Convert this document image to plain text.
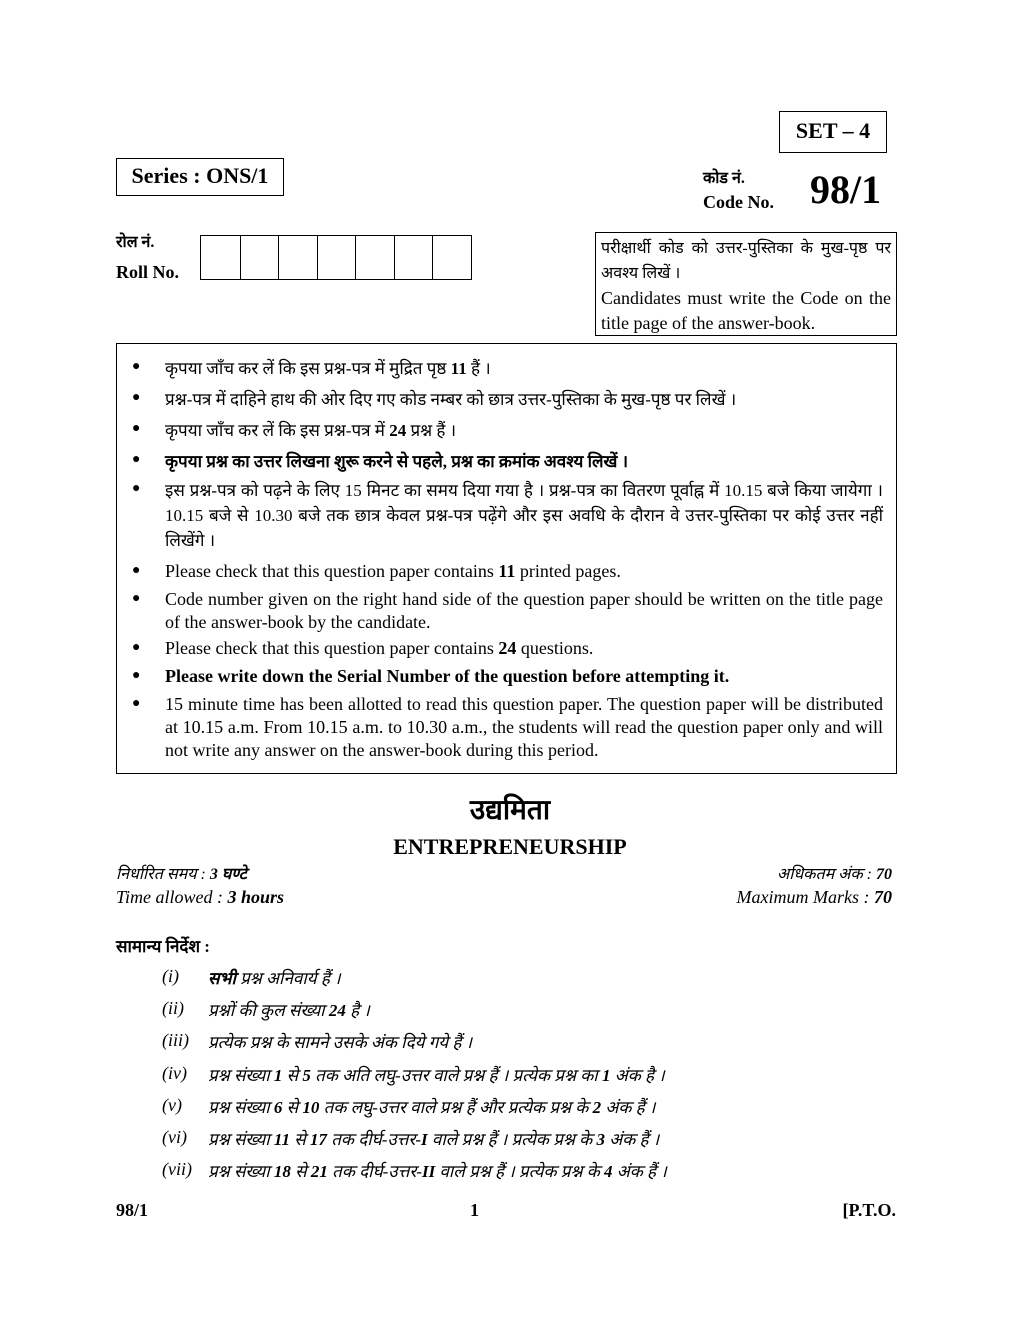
SET – 4
Series : ONS/1	कोड नं.
Code No. 98/1
रोल नं.
Roll No.
परीक्षार्थी कोड को उत्तर-पुस्तिका के मुख-पृष्ठ पर अवश्य लिखें ।
Candidates must write the Code on the title page of the answer-book.
● कृपया जाँच कर लें कि इस प्रश्न-पत्र में मुद्रित पृष्ठ 11 हैं ।
● प्रश्न-पत्र में दाहिने हाथ की ओर दिए गए कोड नम्बर को छात्र उत्तर-पुस्तिका के मुख-पृष्ठ पर लिखें ।
● कृपया जाँच कर लें कि इस प्रश्न-पत्र में 24 प्रश्न हैं ।
● कृपया प्रश्न का उत्तर लिखना शुरू करने से पहले, प्रश्न का क्रमांक अवश्य लिखें ।
● इस प्रश्न-पत्र को पढ़ने के लिए 15 मिनट का समय दिया गया है । प्रश्न-पत्र का वितरण पूर्वाह्न में 10.15 बजे किया जायेगा । 10.15 बजे से 10.30 बजे तक छात्र केवल प्रश्न-पत्र पढ़ेंगे और इस अवधि के दौरान वे उत्तर-पुस्तिका पर कोई उत्तर नहीं लिखेंगे ।
● Please check that this question paper contains 11 printed pages.
● Code number given on the right hand side of the question paper should be written on the title page of the answer-book by the candidate.
● Please check that this question paper contains 24 questions.
● Please write down the Serial Number of the question before attempting it.
● 15 minute time has been allotted to read this question paper. The question paper will be distributed at 10.15 a.m. From 10.15 a.m. to 10.30 a.m., the students will read the question paper only and will not write any answer on the answer-book during this period.
उद्यमिता
ENTREPRENEURSHIP
निर्धारित समय : 3 घण्टे
Time allowed : 3 hours
अधिकतम अंक : 70
Maximum Marks : 70
सामान्य निर्देश :
(i) सभी प्रश्न अनिवार्य हैं ।
(ii) प्रश्नों की कुल संख्या 24 है ।
(iii) प्रत्येक प्रश्न के सामने उसके अंक दिये गये हैं ।
(iv) प्रश्न संख्या 1 से 5 तक अति लघु-उत्तर वाले प्रश्न हैं । प्रत्येक प्रश्न का 1 अंक है ।
(v) प्रश्न संख्या 6 से 10 तक लघु-उत्तर वाले प्रश्न हैं और प्रत्येक प्रश्न के 2 अंक हैं ।
(vi) प्रश्न संख्या 11 से 17 तक दीर्घ-उत्तर-I वाले प्रश्न हैं । प्रत्येक प्रश्न के 3 अंक हैं ।
(vii) प्रश्न संख्या 18 से 21 तक दीर्घ-उत्तर-II वाले प्रश्न हैं । प्रत्येक प्रश्न के 4 अंक हैं ।
98/1	1	[P.T.O.
